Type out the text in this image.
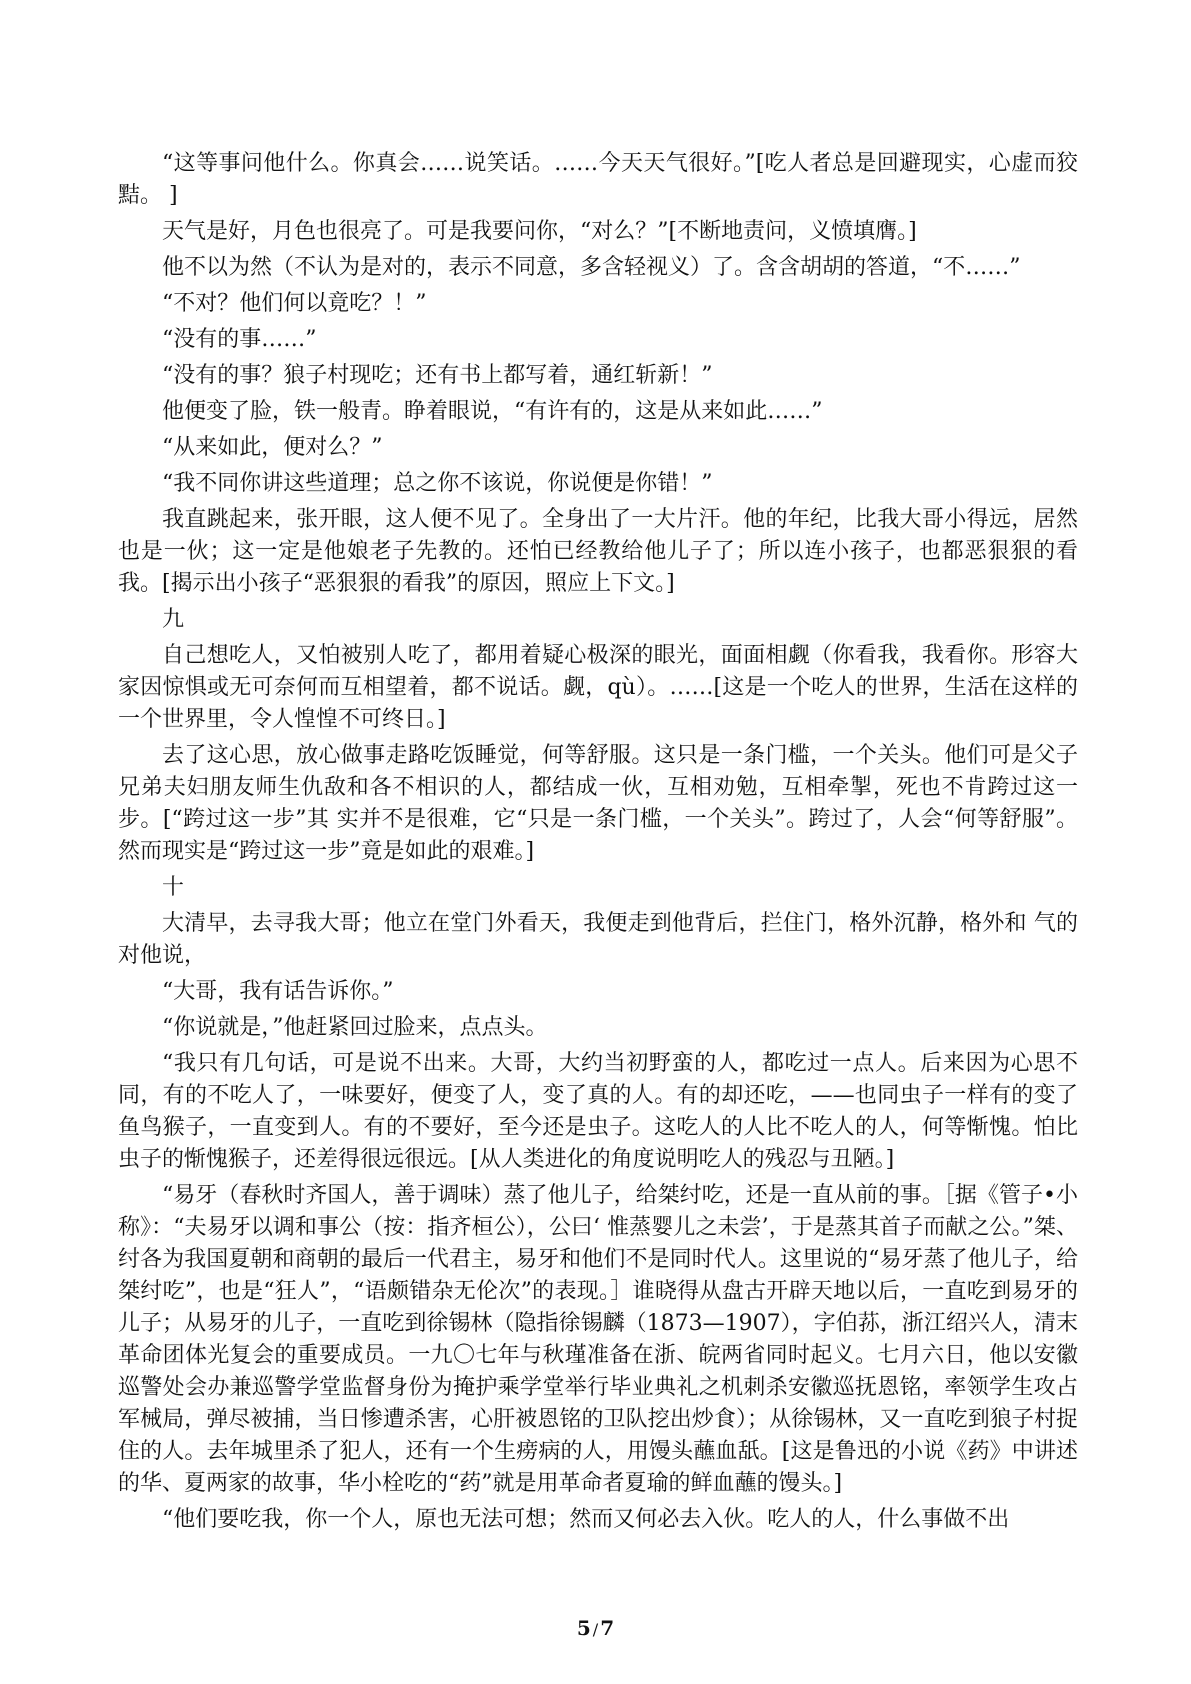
“这等事问他什么。你真会……说笑话。……今天天气很好。”[吃人者总是回避现实，心虚而狡黠。 ]

天气是好，月色也很亮了。可是我要问你，“对么？”[不断地责问，义愤填膺。]

他不以为然（不认为是对的，表示不同意，多含轻视义）了。含含胡胡的答道，“不……”

“不对？他们何以竟吃？！”

“没有的事……”

“没有的事？狼子村现吃；还有书上都写着，通红斩新！”

他便变了脸，铁一般青。睁着眼说，“有许有的，这是从来如此……”

“从来如此，便对么？”

“我不同你讲这些道理；总之你不该说，你说便是你错！”

我直跳起来，张开眼，这人便不见了。全身出了一大片汗。他的年纪，比我大哥小得远，居然也是一伙；这一定是他娘老子先教的。还怕已经教给他儿子了；所以连小孩子，也都恶狠狠的看我。[揭示出小孩子“恶狠狠的看我”的原因，照应上下文。]

九

自己想吃人，又怕被别人吃了，都用着疑心极深的眼光，面面相觑（你看我，我看你。形容大家因惊惧或无可奈何而互相望着，都不说话。觑，qù）。……[这是一个吃人的世界，生活在这样的一个世界里，令人惶惶不可终日。]

去了这心思，放心做事走路吃饭睡觉，何等舒服。这只是一条门槛，一个关头。他们可是父子兄弟夫妇朋友师生仇敌和各不相识的人，都结成一伙，互相劝勉，互相牵掣，死也不肯跨过这一步。[“跨过这一步”其 实并不是很难，它“只是一条门槛，一个关头”。跨过了，人会“何等舒服”。然而现实是“跨过这一步”竟是如此的艰难。]

十

大清早，去寻我大哥；他立在堂门外看天，我便走到他背后，拦住门，格外沉静，格外和 气的对他说，

“大哥，我有话告诉你。”

“你说就是，”他赶紧回过脸来，点点头。

“我只有几句话，可是说不出来。大哥，大约当初野蛮的人，都吃过一点人。后来因为心思不同，有的不吃人了，一味要好，便变了人，变了真的人。有的却还吃，——也同虫子一样有的变了鱼鸟猴子，一直变到人。有的不要好，至今还是虫子。这吃人的人比不吃人的人，何等惭愧。怕比虫子的惭愧猴子，还差得很远很远。[从人类进化的角度说明吃人的残忍与丑陋。]

“易牙（春秋时齐国人，善于调味）蒸了他儿子，给桀纣吃，还是一直从前的事。［据《管子•小称》：“夫易牙以调和事公（按：指齐桓公），公曰‘ 惟蒸婴儿之未尝’，于是蒸其首子而献之公。”桀、纣各为我国夏朝和商朝的最后一代君主，易牙和他们不是同时代人。这里说的“易牙蒸了他儿子，给桀纣吃”，也是“狂人”，“语颇错杂无伦次”的表现。］谁晓得从盘古开辟天地以后，一直吃到易牙的儿子；从易牙的儿子，一直吃到徐锡林（隐指徐锡麟（1873—1907），字伯荪，浙江绍兴人，清末革命团体光复会的重要成员。一九〇七年与秋瑾准备在浙、皖两省同时起义。七月六日，他以安徽巡警处会办兼巡警学堂监督身份为掩护乘学堂举行毕业典礼之机刺杀安徽巡抚恩铭，率领学生攻占军械局，弹尽被捕，当日惨遭杀害，心肝被恩铭的卫队挖出炒食）；从徐锡林，又一直吃到狼子村捉住的人。去年城里杀了犯人，还有一个生痨病的人，用馒头蘸血舐。[这是鲁迅的小说《药》中讲述的华、夏两家的故事，华小栓吃的“药”就是用革命者夏瑜的鲜血蘸的馒头。]

“他们要吃我，你一个人，原也无法可想；然而又何必去入伙。吃人的人，什么事做不出

5 / 7
